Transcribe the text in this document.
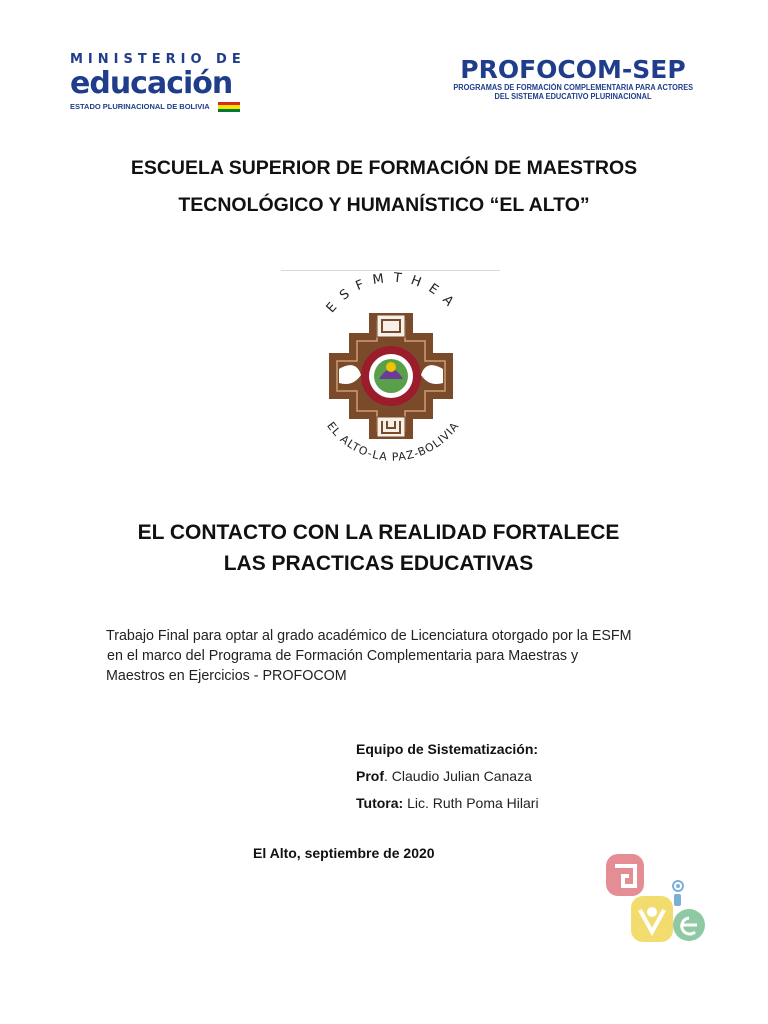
MINISTERIO DE
educación
ESTADO PLURINACIONAL DE BOLIVIA
PROFOCOM-SEP
PROGRAMAS DE FORMACIÓN COMPLEMENTARIA PARA ACTORES
DEL SISTEMA EDUCATIVO PLURINACIONAL
ESCUELA SUPERIOR DE FORMACIÓN DE MAESTROS
TECNOLÓGICO Y HUMANÍSTICO “EL ALTO”
ESFMTHEA
EL ALTO-LA PAZ-BOLIVIA
EL CONTACTO CON LA REALIDAD FORTALECE
LAS PRACTICAS EDUCATIVAS
Trabajo Final para optar al grado académico de Licenciatura otorgado por la ESFM
en el marco del Programa de Formación Complementaria para Maestras y
Maestros en Ejercicios - PROFOCOM
Equipo de Sistematización:
Prof. Claudio Julian Canaza
Tutora: Lic. Ruth Poma Hilari
El Alto, septiembre de 2020
